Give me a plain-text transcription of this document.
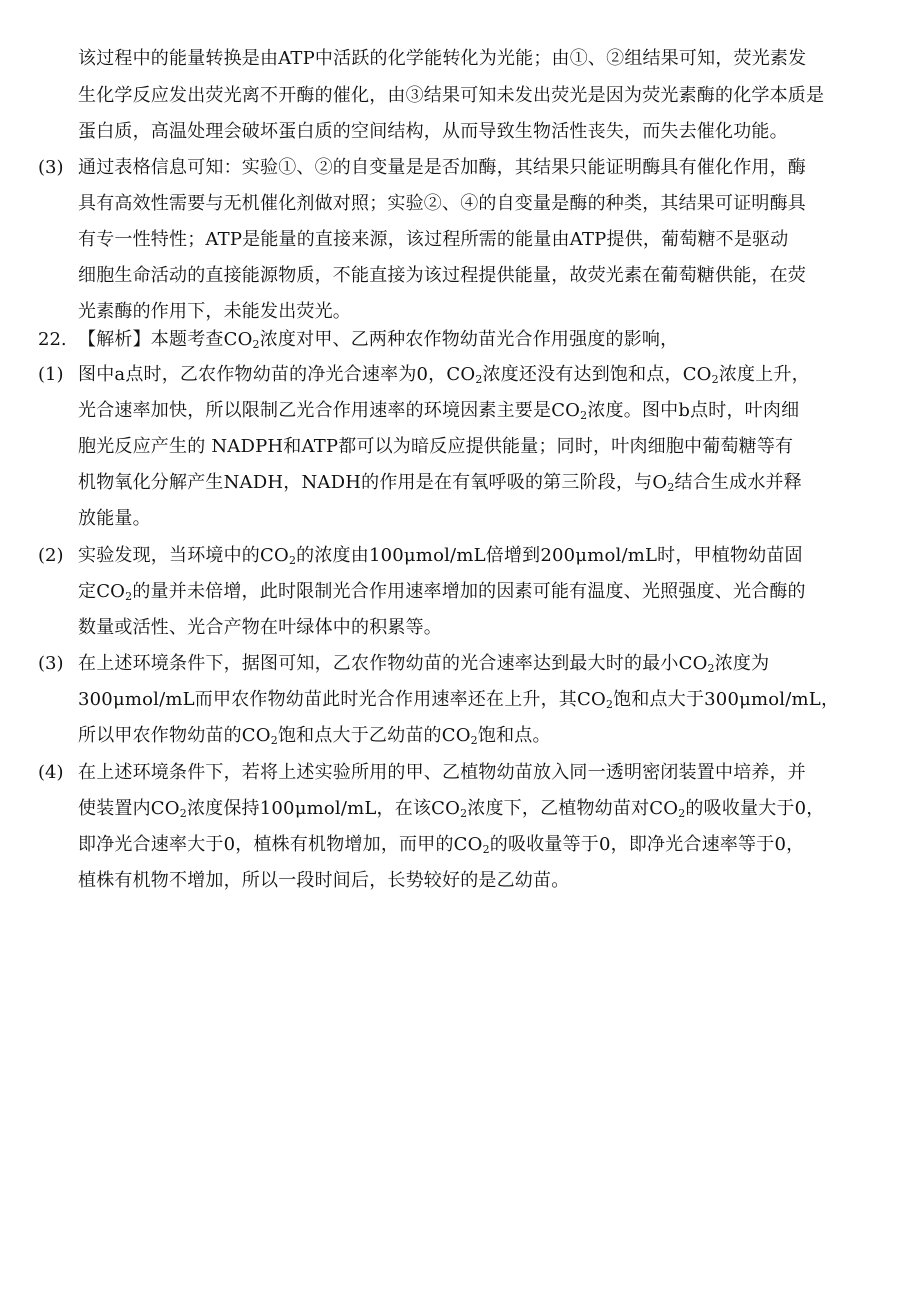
该过程中的能量转换是由ATP中活跃的化学能转化为光能；由①、②组结果可知，荧光素发
生化学反应发出荧光离不开酶的催化，由③结果可知未发出荧光是因为荧光素酶的化学本质是
蛋白质，高温处理会破坏蛋白质的空间结构，从而导致生物活性丧失，而失去催化功能。
(3) 通过表格信息可知：实验①、②的自变量是是否加酶，其结果只能证明酶具有催化作用，酶
具有高效性需要与无机催化剂做对照；实验②、④的自变量是酶的种类，其结果可证明酶具
有专一性特性；ATP是能量的直接来源，该过程所需的能量由ATP提供，葡萄糖不是驱动
细胞生命活动的直接能源物质，不能直接为该过程提供能量，故荧光素在葡萄糖供能，在荧
光素酶的作用下，未能发出荧光。
22. 【解析】本题考查$CO_2$浓度对甲、乙两种农作物幼苗光合作用强度的影响，
(1) 图中a点时，乙农作物幼苗的净光合速率为0，$CO_2$浓度还没有达到饱和点，$CO_2$浓度上升，
光合速率加快，所以限制乙光合作用速率的环境因素主要是$CO_2$浓度。图中b点时，叶肉细
胞光反应产生的 NADPH和ATP都可以为暗反应提供能量；同时，叶肉细胞中葡萄糖等有
机物氧化分解产生NADH，NADH的作用是在有氧呼吸的第三阶段，与$O_2$结合生成水并释
放能量。
(2) 实验发现，当环境中的$CO_2$的浓度由100μmol/mL倍增到200μmol/mL时，甲植物幼苗固
定$CO_2$的量并未倍增，此时限制光合作用速率增加的因素可能有温度、光照强度、光合酶的
数量或活性、光合产物在叶绿体中的积累等。
(3) 在上述环境条件下，据图可知，乙农作物幼苗的光合速率达到最大时的最小$CO_2$浓度为
300μmol/mL而甲农作物幼苗此时光合作用速率还在上升，其$CO_2$饱和点大于300μmol/mL，
所以甲农作物幼苗的$CO_2$饱和点大于乙幼苗的$CO_2$饱和点。
(4) 在上述环境条件下，若将上述实验所用的甲、乙植物幼苗放入同一透明密闭装置中培养，并
使装置内$CO_2$浓度保持100μmol/mL，在该$CO_2$浓度下，乙植物幼苗对$CO_2$的吸收量大于0，
即净光合速率大于0，植株有机物增加，而甲的$CO_2$的吸收量等于0，即净光合速率等于0，
植株有机物不增加，所以一段时间后，长势较好的是乙幼苗。
